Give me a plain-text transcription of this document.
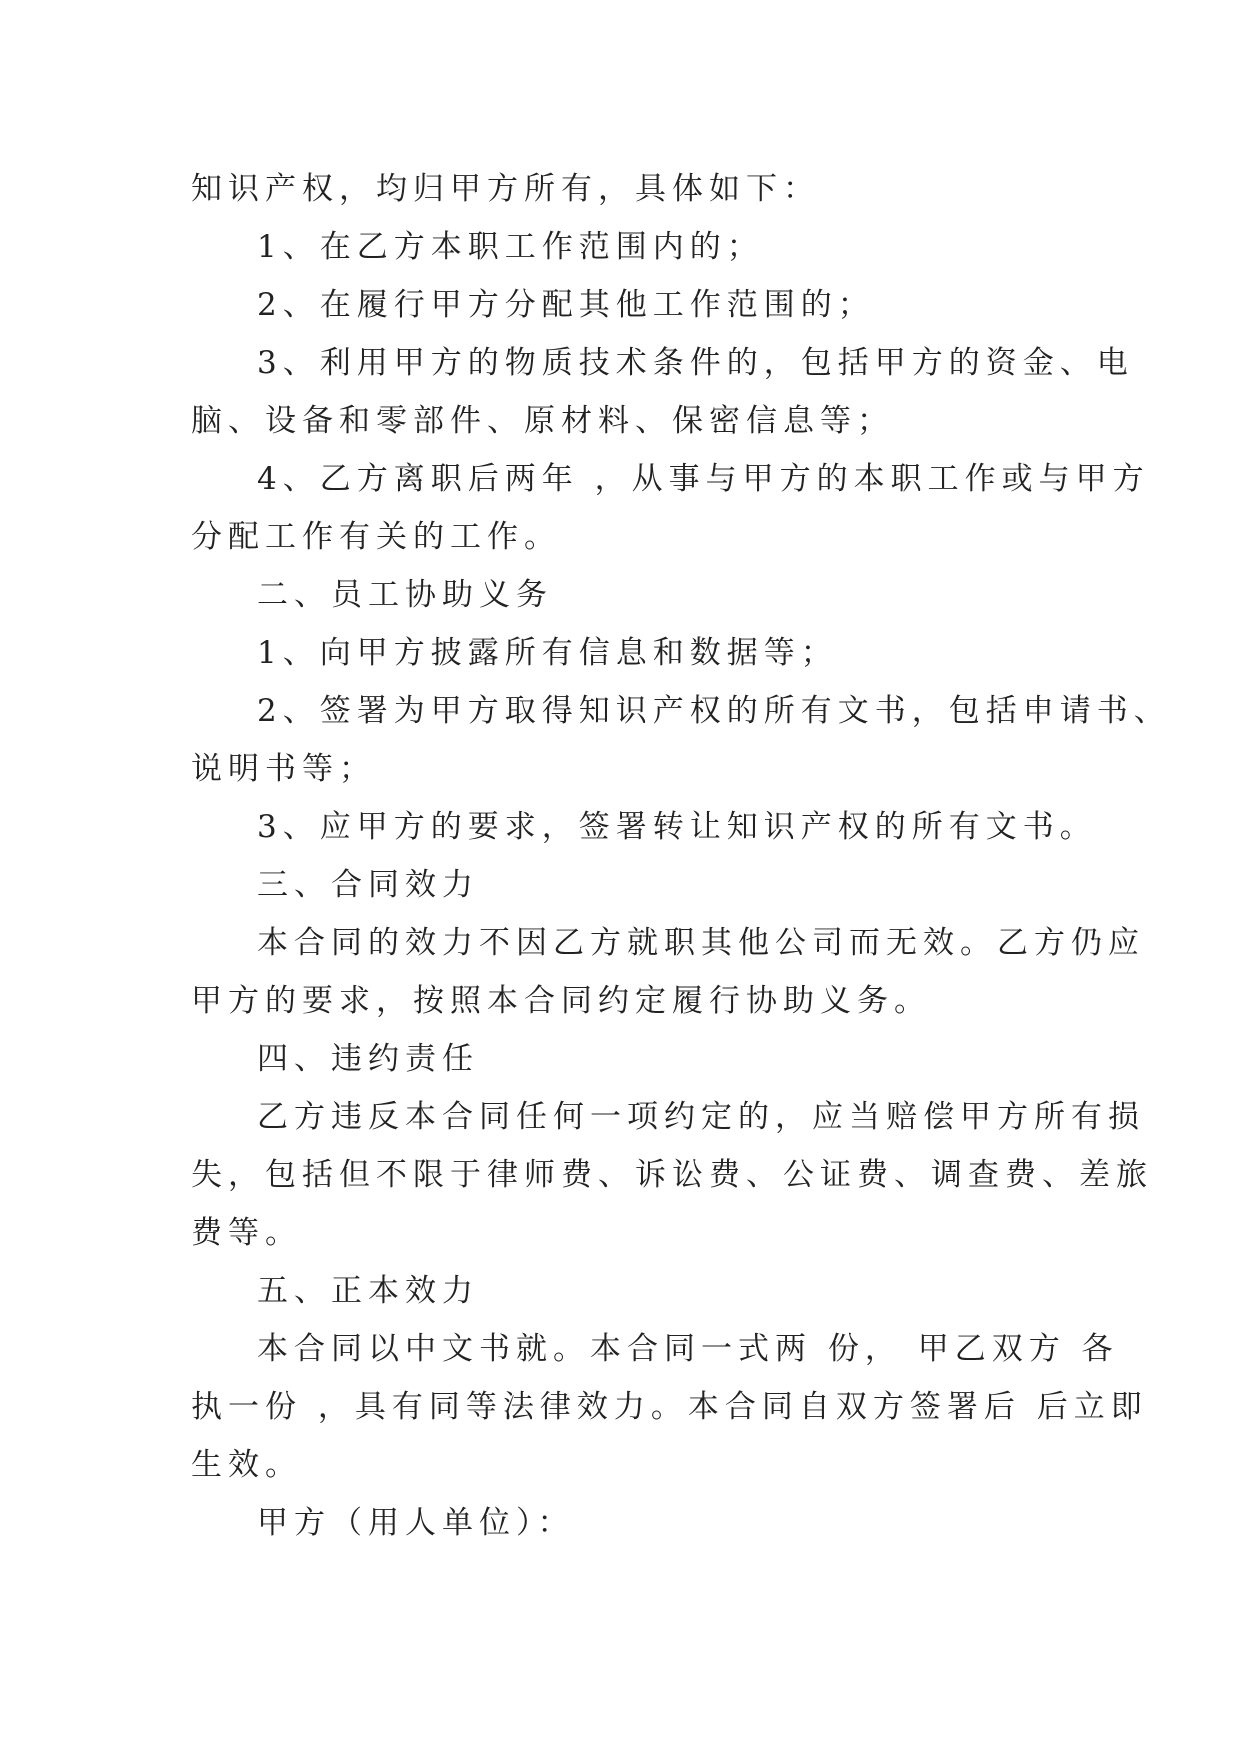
知识产权，均归甲方所有，具体如下：

1、在乙方本职工作范围内的；

2、在履行甲方分配其他工作范围的；

3、利用甲方的物质技术条件的，包括甲方的资金、电

脑、设备和零部件、原材料、保密信息等；

4、乙方离职后两年 ，从事与甲方的本职工作或与甲方

分配工作有关的工作。

二、员工协助义务

1、向甲方披露所有信息和数据等；

2、签署为甲方取得知识产权的所有文书，包括申请书、

说明书等；

3、应甲方的要求，签署转让知识产权的所有文书。

三、合同效力

本合同的效力不因乙方就职其他公司而无效。乙方仍应

甲方的要求，按照本合同约定履行协助义务。

四、违约责任

乙方违反本合同任何一项约定的，应当赔偿甲方所有损

失，包括但不限于律师费、诉讼费、公证费、调查费、差旅

费等。

五、正本效力

本合同以中文书就。本合同一式两 份， 甲乙双方 各

执一份 ，具有同等法律效力。本合同自双方签署后 后立即

生效。

甲方（用人单位）：
